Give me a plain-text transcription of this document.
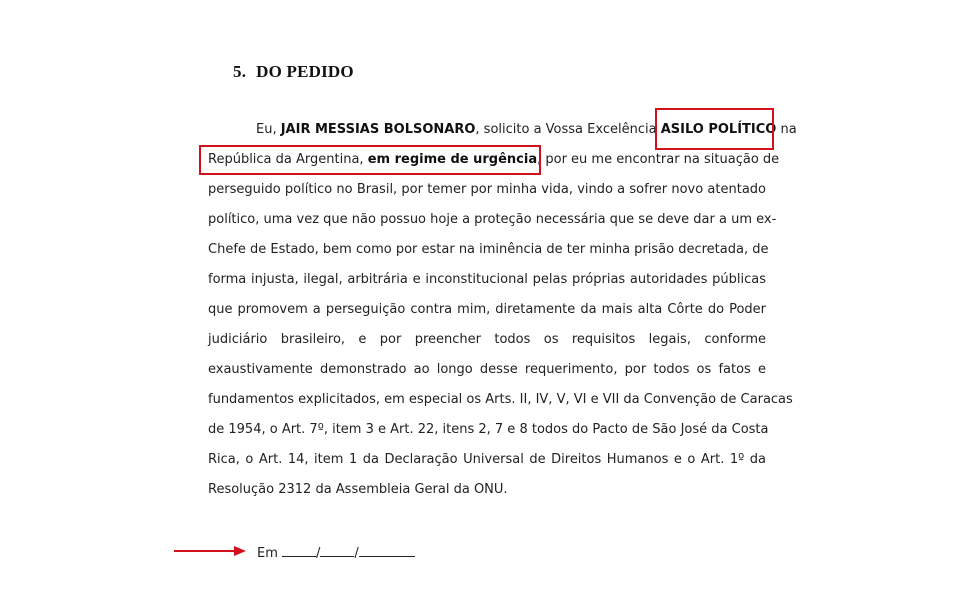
5. DO PEDIDO
Eu, JAIR MESSIAS BOLSONARO, solicito a Vossa Excelência ASILO POLÍTICO na
República da Argentina, em regime de urgência, por eu me encontrar na situação de
perseguido político no Brasil, por temer por minha vida, vindo a sofrer novo atentado
político, uma vez que não possuo hoje a proteção necessária que se deve dar a um ex-
Chefe de Estado, bem como por estar na iminência de ter minha prisão decretada, de
forma injusta, ilegal, arbitrária e inconstitucional pelas próprias autoridades públicas
que promovem a perseguição contra mim, diretamente da mais alta Côrte do Poder
judiciário brasileiro, e por preencher todos os requisitos legais, conforme
exaustivamente demonstrado ao longo desse requerimento, por todos os fatos e
fundamentos explicitados, em especial os Arts. II, IV, V, VI e VII da Convenção de Caracas
de 1954, o Art. 7º, item 3 e Art. 22, itens 2, 7 e 8 todos do Pacto de São José da Costa
Rica, o Art. 14, item 1 da Declaração Universal de Direitos Humanos e o Art. 1º da
Resolução 2312 da Assembleia Geral da ONU.
Em	/	/
